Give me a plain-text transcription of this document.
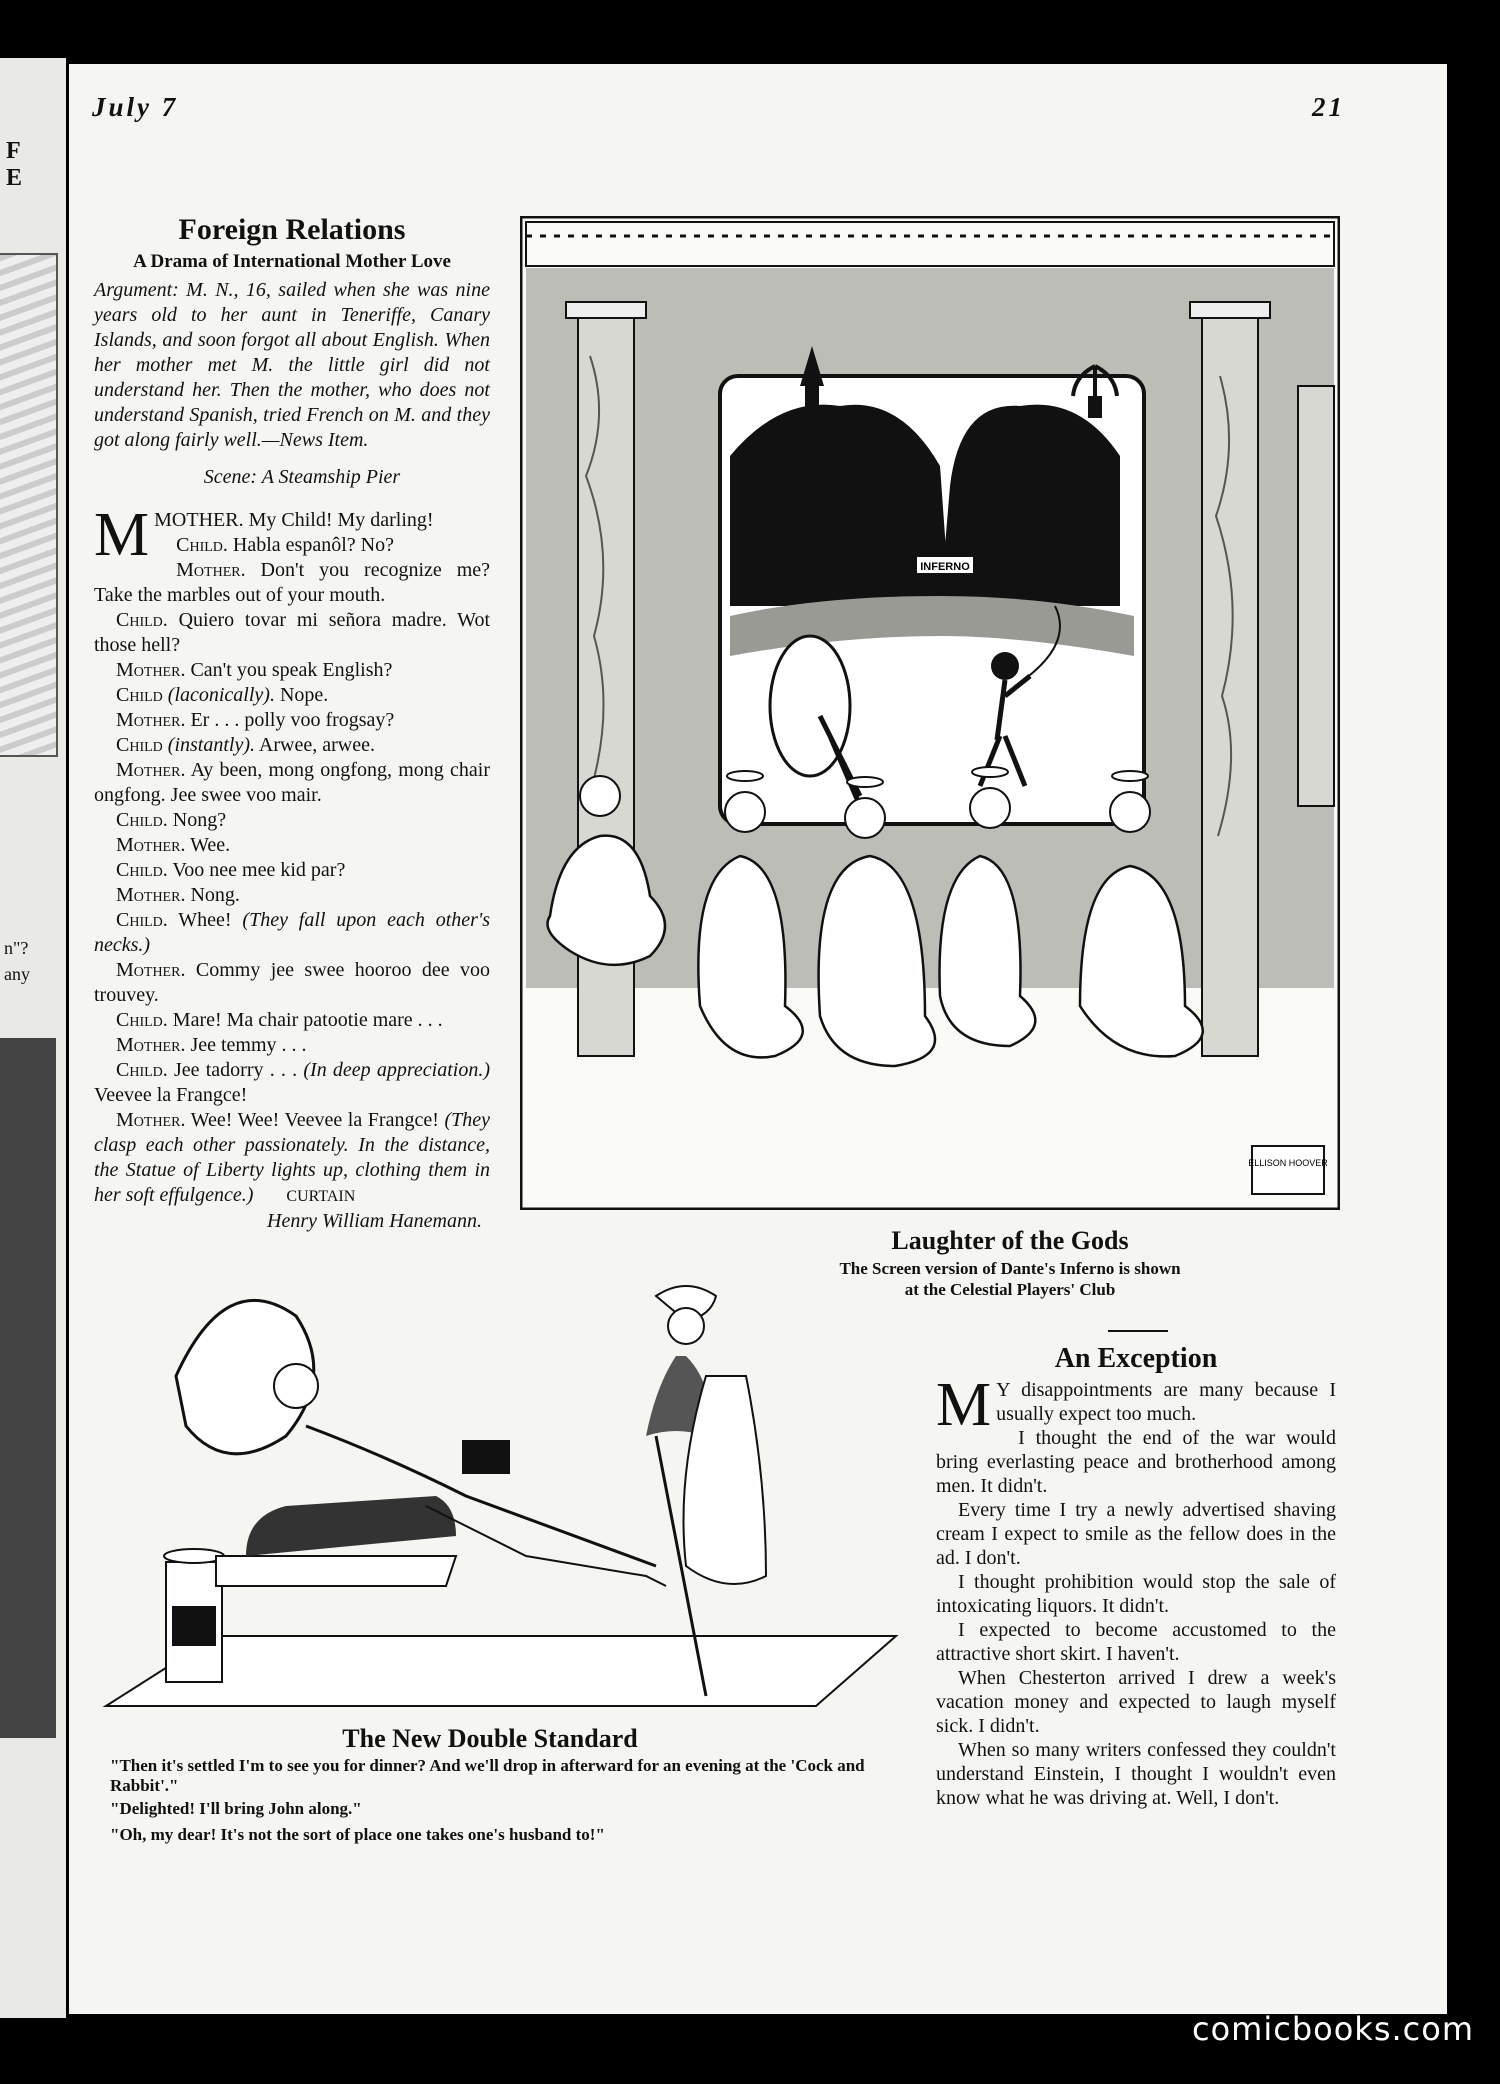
F E
n"?
any
July 7	21

Foreign Relations

A Drama of International Mother Love

Argument: M. N., 16, sailed when she was nine years old to her aunt in Teneriffe, Canary Islands, and soon forgot all about English. When her mother met M. the little girl did not understand her. Then the mother, who does not understand Spanish, tried French on M. and they got along fairly well.—News Item.

Scene: A Steamship Pier

MMOTHER. My Child! My darling!

Child. Habla espanôl? No?

Mother. Don't you recognize me? Take the marbles out of your mouth.

Child. Quiero tovar mi señora madre. Wot those hell?

Mother. Can't you speak English?

Child (laconically). Nope.

Mother. Er . . . polly voo frogsay?

Child (instantly). Arwee, arwee.

Mother. Ay been, mong ongfong, mong chair ongfong. Jee swee voo mair.

Child. Nong?

Mother. Wee.

Child. Voo nee mee kid par?

Mother. Nong.

Child. Whee! (They fall upon each other's necks.)

Mother. Commy jee swee hooroo dee voo trouvey.

Child. Mare! Ma chair patootie mare . . .

Mother. Jee temmy . . .

Child. Jee tadorry . . . (In deep appreciation.) Veevee la Frangce!

Mother. Wee! Wee! Veevee la Frangce! (They clasp each other passionately. In the distance, the Statue of Liberty lights up, clothing them in her soft effulgence.) CURTAIN

Henry William Hanemann.

INFERNO
ELLISON HOOVER
Laughter of the Gods
The Screen version of Dante's Inferno is shown
at the Celestial Players' Club
The New Double Standard
"Then it's settled I'm to see you for dinner? And we'll drop in afterward for an evening at the 'Cock and Rabbit'."
"Delighted! I'll bring John along."
"Oh, my dear! It's not the sort of place one takes one's husband to!"

An Exception

M Y disappointments are many because I usually expect too much.

I thought the end of the war would bring everlasting peace and brotherhood among men. It didn't.

Every time I try a newly advertised shaving cream I expect to smile as the fellow does in the ad. I don't.

I thought prohibition would stop the sale of intoxicating liquors. It didn't.

I expected to become accustomed to the attractive short skirt. I haven't.

When Chesterton arrived I drew a week's vacation money and expected to laugh myself sick. I didn't.

When so many writers confessed they couldn't understand Einstein, I thought I wouldn't even know what he was driving at. Well, I don't.

comicbooks.com
